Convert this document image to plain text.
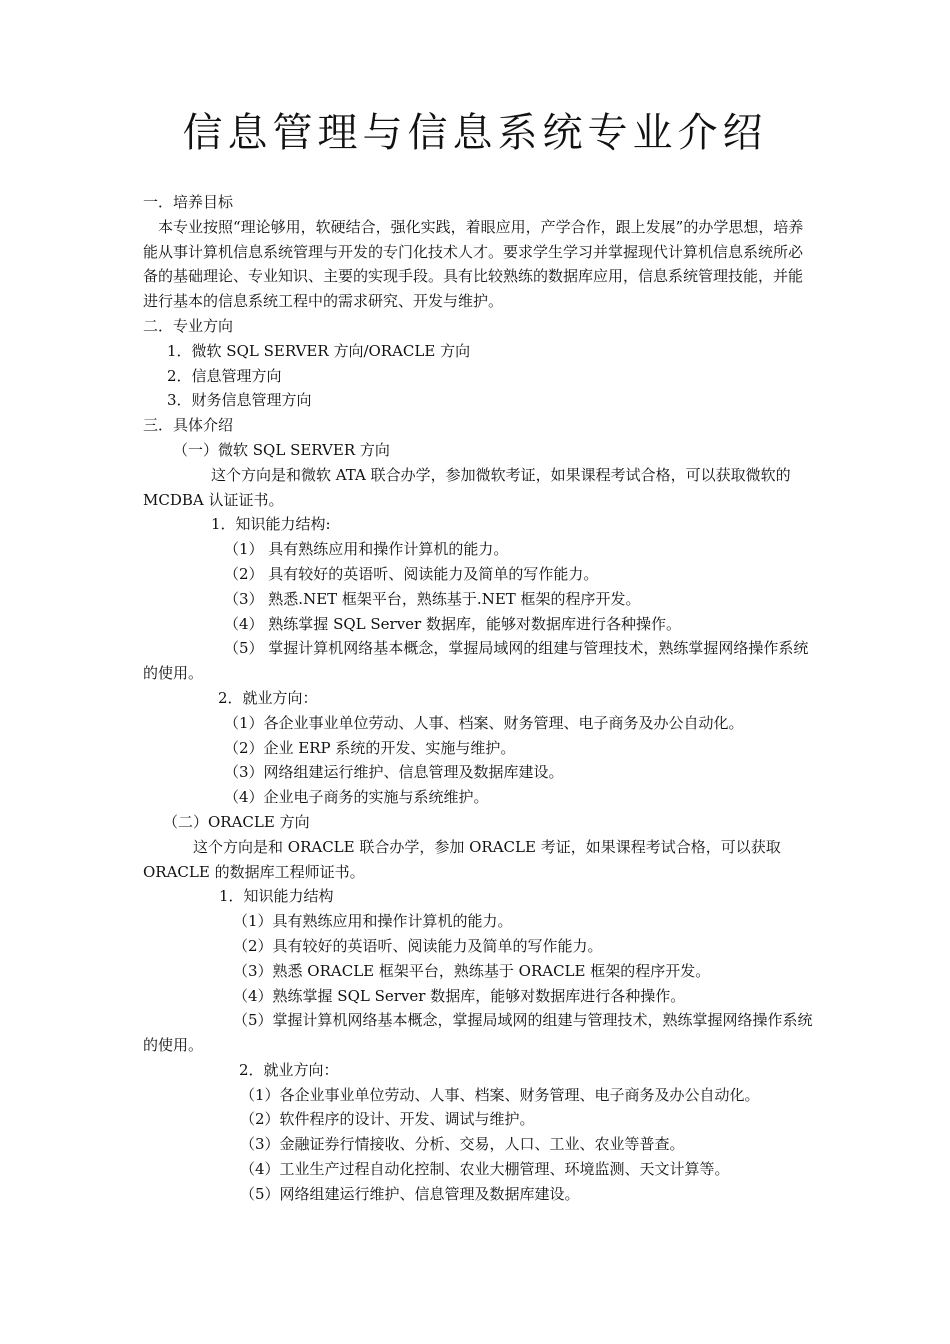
信息管理与信息系统专业介绍

一．培养目标

本专业按照“理论够用，软硬结合，强化实践，着眼应用，产学合作，跟上发展”的办学思想，培养能从事计算机信息系统管理与开发的专门化技术人才。要求学生学习并掌握现代计算机信息系统所必备的基础理论、专业知识、主要的实现手段。具有比较熟练的数据库应用，信息系统管理技能，并能进行基本的信息系统工程中的需求研究、开发与维护。

二．专业方向

1．微软 SQL SERVER 方向/ORACLE 方向

2．信息管理方向

3．财务信息管理方向

三．具体介绍

（一）微软 SQL SERVER 方向

这个方向是和微软 ATA 联合办学，参加微软考证，如果课程考试合格，可以获取微软的 MCDBA 认证证书。

1．知识能力结构:

（1） 具有熟练应用和操作计算机的能力。

（2） 具有较好的英语听、阅读能力及简单的写作能力。

（3） 熟悉.NET 框架平台，熟练基于.NET 框架的程序开发。

（4） 熟练掌握 SQL Server 数据库，能够对数据库进行各种操作。

（5） 掌握计算机网络基本概念，掌握局域网的组建与管理技术，熟练掌握网络操作系统的使用。

2．就业方向：

（1）各企业事业单位劳动、人事、档案、财务管理、电子商务及办公自动化。

（2）企业 ERP 系统的开发、实施与维护。

（3）网络组建运行维护、信息管理及数据库建设。

（4）企业电子商务的实施与系统维护。

（二）ORACLE 方向

这个方向是和 ORACLE 联合办学，参加 ORACLE 考证，如果课程考试合格，可以获取 ORACLE 的数据库工程师证书。

1．知识能力结构

（1）具有熟练应用和操作计算机的能力。

（2）具有较好的英语听、阅读能力及简单的写作能力。

（3）熟悉 ORACLE 框架平台，熟练基于 ORACLE 框架的程序开发。

（4）熟练掌握 SQL Server 数据库，能够对数据库进行各种操作。

（5）掌握计算机网络基本概念，掌握局域网的组建与管理技术，熟练掌握网络操作系统的使用。

2．就业方向：

（1）各企业事业单位劳动、人事、档案、财务管理、电子商务及办公自动化。

（2）软件程序的设计、开发、调试与维护。

（3）金融证券行情接收、分析、交易，人口、工业、农业等普查。

（4）工业生产过程自动化控制、农业大棚管理、环境监测、天文计算等。

（5）网络组建运行维护、信息管理及数据库建设。
